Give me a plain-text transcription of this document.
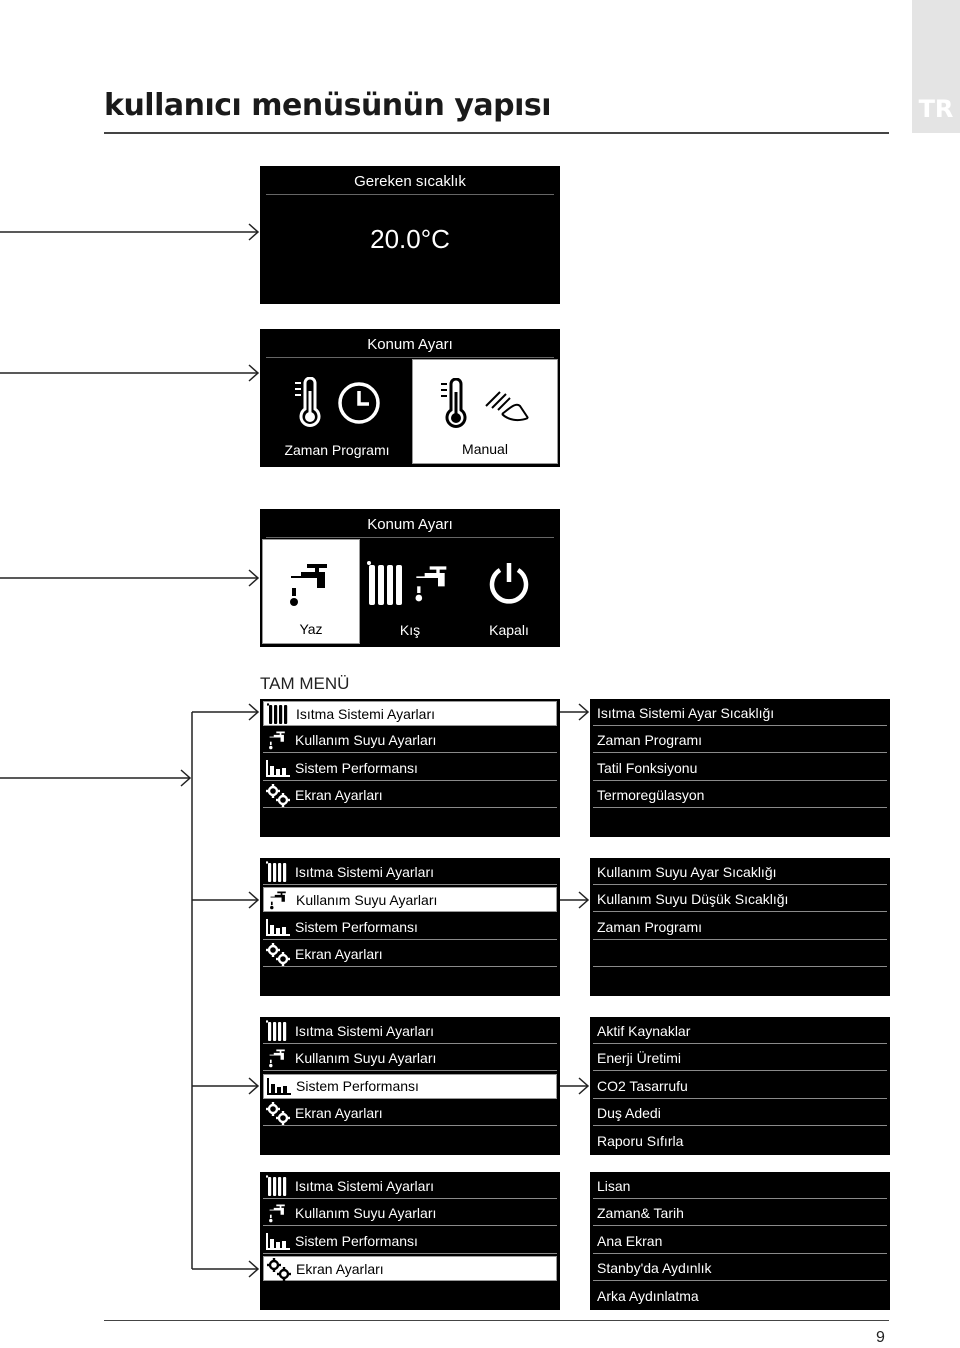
kullanıcı menüsünün yapısı	TR
Gereken sıcaklık
20.0°C
Konum Ayarı
Zaman Programı	Manual
Konum Ayarı
Yaz	Kış	Kapalı
TAM MENÜ
Isıtma Sistemi Ayarları
Kullanım Suyu Ayarları
Sistem Performansı
Ekran Ayarları
Isıtma Sistemi Ayar Sıcaklığı
Zaman Programı
Tatil Fonksiyonu
Termoregülasyon
Isıtma Sistemi Ayarları
Kullanım Suyu Ayarları
Sistem Performansı
Ekran Ayarları
Kullanım Suyu Ayar Sıcaklığı
Kullanım Suyu Düşük Sıcaklığı
Zaman Programı
Isıtma Sistemi Ayarları
Kullanım Suyu Ayarları
Sistem Performansı
Ekran Ayarları
Aktif Kaynaklar
Enerji Üretimi
CO2 Tasarrufu
Duş Adedi
Raporu Sıfırla
Isıtma Sistemi Ayarları
Kullanım Suyu Ayarları
Sistem Performansı
Ekran Ayarları
Lisan
Zaman& Tarih
Ana Ekran
Stanby'da Aydınlık
Arka Aydınlatma
9
